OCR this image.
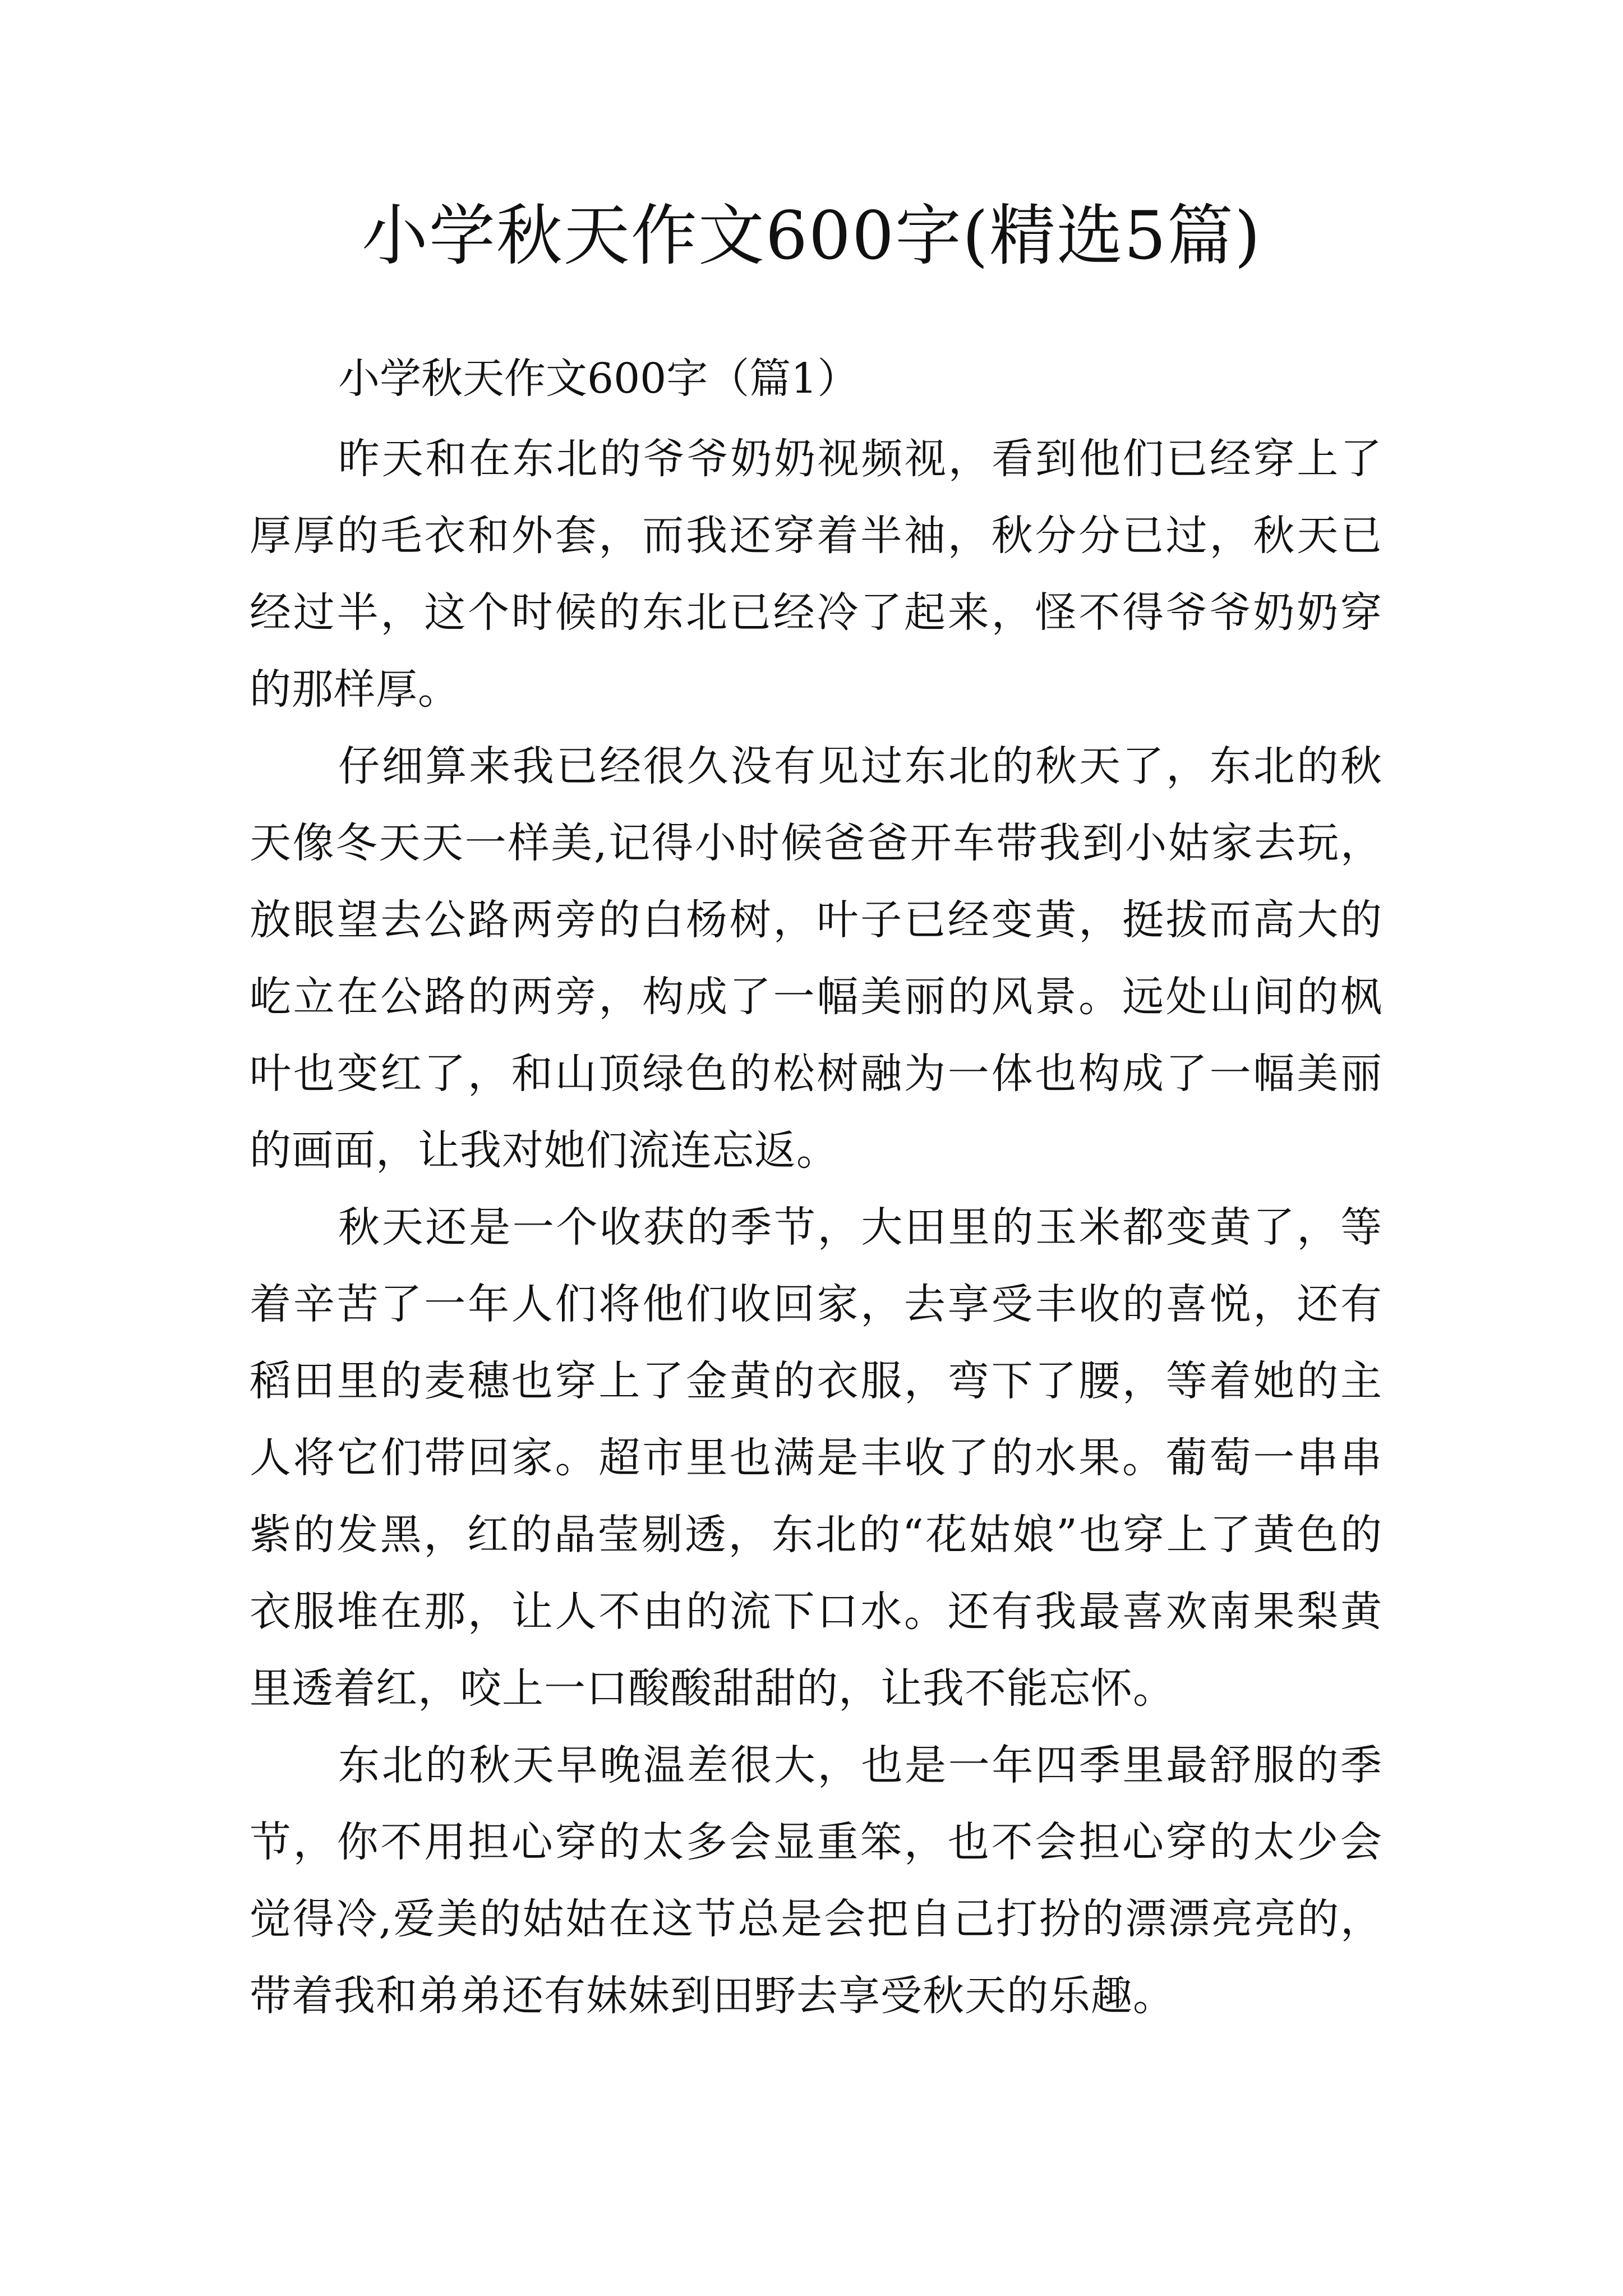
小学秋天作文600字(精选5篇)

小学秋天作文600字（篇1）

昨天和在东北的爷爷奶奶视频视，看到他们已经穿上了厚厚的毛衣和外套，而我还穿着半袖，秋分分已过，秋天已经过半，这个时候的东北已经冷了起来，怪不得爷爷奶奶穿的那样厚。

仔细算来我已经很久没有见过东北的秋天了，东北的秋天像冬天天一样美,记得小时候爸爸开车带我到小姑家去玩，放眼望去公路两旁的白杨树，叶子已经变黄，挺拔而高大的屹立在公路的两旁，构成了一幅美丽的风景。远处山间的枫叶也变红了，和山顶绿色的松树融为一体也构成了一幅美丽的画面，让我对她们流连忘返。

秋天还是一个收获的季节，大田里的玉米都变黄了，等着辛苦了一年人们将他们收回家，去享受丰收的喜悦，还有稻田里的麦穗也穿上了金黄的衣服，弯下了腰，等着她的主人将它们带回家。超市里也满是丰收了的水果。葡萄一串串紫的发黑，红的晶莹剔透，东北的“花姑娘”也穿上了黄色的衣服堆在那，让人不由的流下口水。还有我最喜欢南果梨黄里透着红，咬上一口酸酸甜甜的，让我不能忘怀。

东北的秋天早晚温差很大，也是一年四季里最舒服的季节，你不用担心穿的太多会显重笨，也不会担心穿的太少会觉得冷,爱美的姑姑在这节总是会把自己打扮的漂漂亮亮的，带着我和弟弟还有妹妹到田野去享受秋天的乐趣。
